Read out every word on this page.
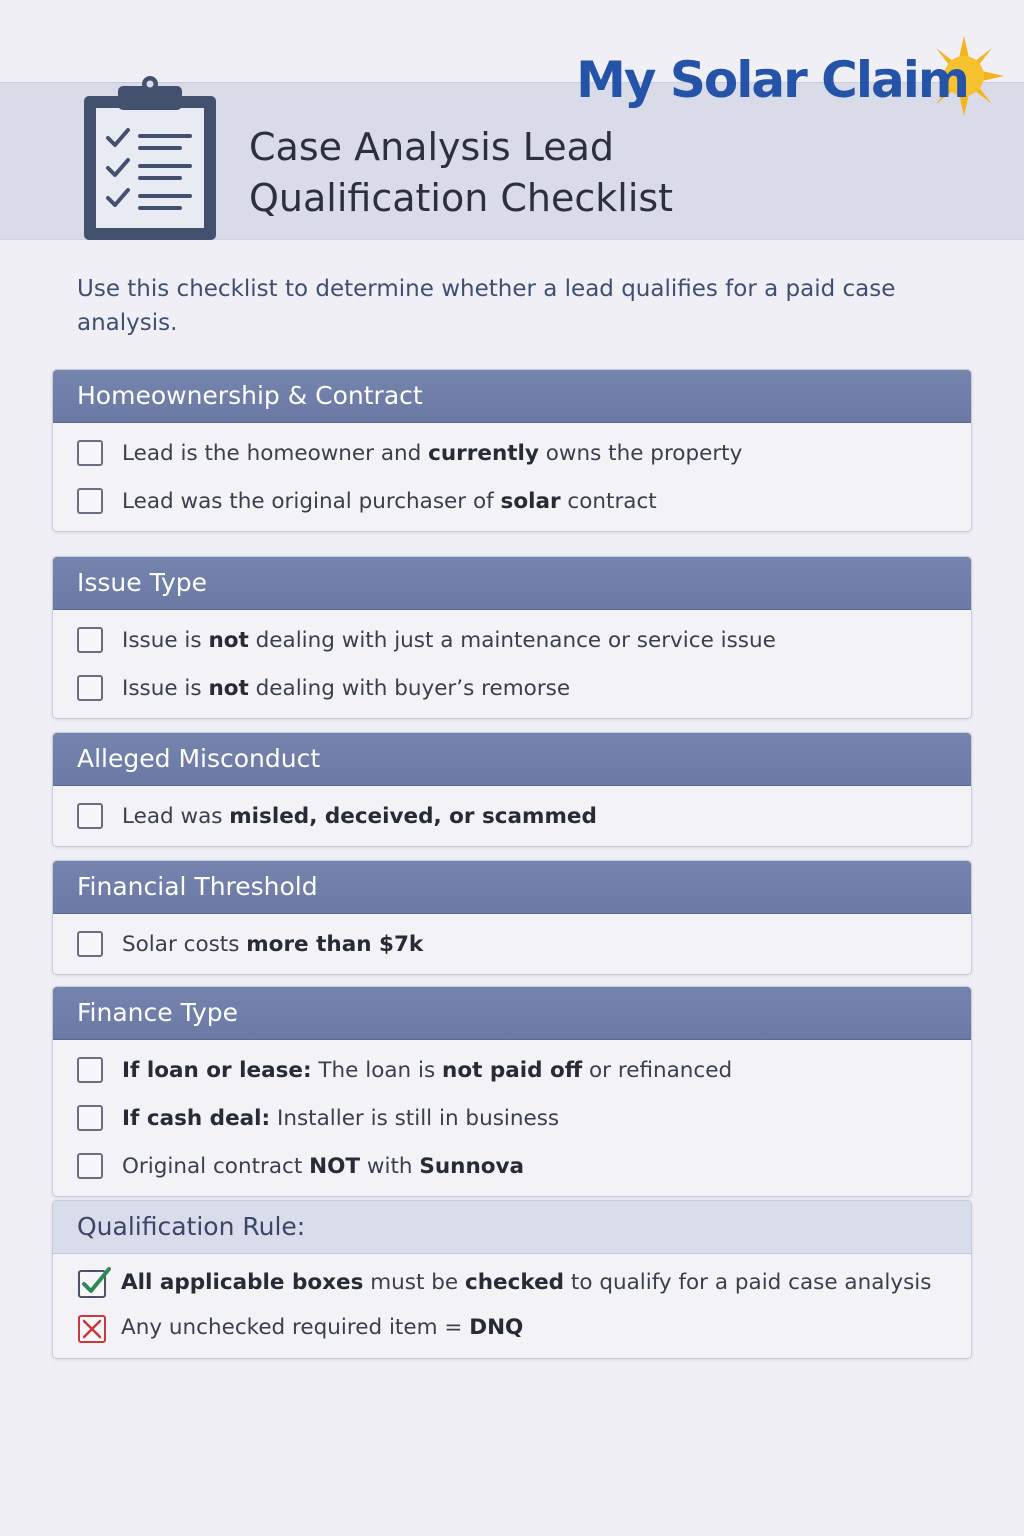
My Solar Claim
Case Analysis Lead
Qualification Checklist

Use this checklist to determine whether a lead qualifies for a paid case analysis.

Homeownership & Contract
Lead is the homeowner and currently owns the property
Lead was the original purchaser of solar contract
Issue Type
Issue is not dealing with just a maintenance or service issue
Issue is not dealing with buyer’s remorse
Alleged Misconduct
Lead was misled, deceived, or scammed
Financial Threshold
Solar costs more than $7k
Finance Type
If loan or lease: The loan is not paid off or refinanced
If cash deal: Installer is still in business
Original contract NOT with Sunnova
Qualification Rule:
All applicable boxes must be checked to qualify for a paid case analysis
Any unchecked required item = DNQ
